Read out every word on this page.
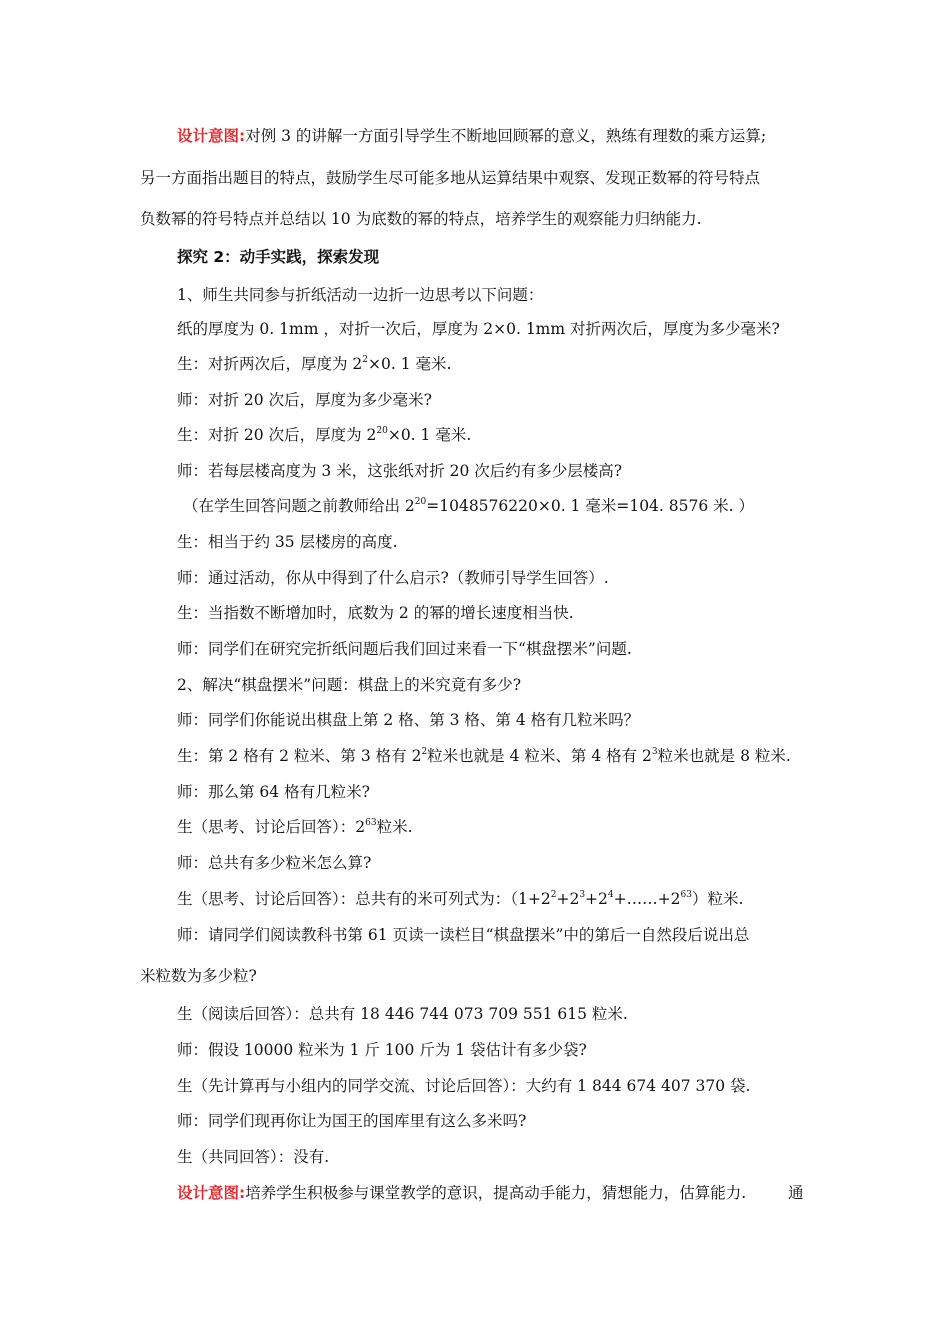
设计意图:对例 3 的讲解一方面引导学生不断地回顾幂的意义，熟练有理数的乘方运算;
另一方面指出题目的特点，鼓励学生尽可能多地从运算结果中观察、发现正数幂的符号特点
负数幂的符号特点并总结以 10 为底数的幂的特点，培养学生的观察能力归纳能力.
探究 2：动手实践，探索发现
1、师生共同参与折纸活动一边折一边思考以下问题：
纸的厚度为 0. 1mm ，对折一次后，厚度为 2×0. 1mm 对折两次后，厚度为多少毫米?
生：对折两次后，厚度为 $2^2\times 0$. 1 毫米.
师：对折 20 次后，厚度为多少毫米?
生：对折 20 次后，厚度为 $2^{20}\times 0$. 1 毫米.
师：若每层楼高度为 3 米，这张纸对折 20 次后约有多少层楼高?
（在学生回答问题之前教师给出 $2^{20}=1048576220\times 0$. 1 毫米=104. 8576 米. ）
生：相当于约 35 层楼房的高度.
师：通过活动，你从中得到了什么启示?（教师引导学生回答）.
生：当指数不断增加时，底数为 2 的幂的增长速度相当快.
师：同学们在研究完折纸问题后我们回过来看一下“棋盘摆米”问题.
2、解决“棋盘摆米”问题：棋盘上的米究竟有多少?
师：同学们你能说出棋盘上第 2 格、第 3 格、第 4 格有几粒米吗？
生：第 2 格有 2 粒米、第 3 格有 $2^2$粒米也就是 4 粒米、第 4 格有 $2^3$粒米也就是 8 粒米.
师：那么第 64 格有几粒米?
生（思考、讨论后回答）：$2^{63}$粒米.
师：总共有多少粒米怎么算?
生（思考、讨论后回答）：总共有的米可列式为：$(1+2^2+2^3+2^4+\dots\dots+2^{63})$粒米.
师：请同学们阅读教科书第 61 页读一读栏目“棋盘摆米”中的第后一自然段后说出总
米粒数为多少粒?
生（阅读后回答）：总共有 18 446 744 073 709 551 615 粒米.
师：假设 10000 粒米为 1 斤 100 斤为 1 袋估计有多少袋?
生（先计算再与小组内的同学交流、讨论后回答）：大约有 1 844 674 407 370 袋.
师：同学们现再你让为国王的国库里有这么多米吗?
生（共同回答）：没有.
设计意图:培养学生积极参与课堂教学的意识，提高动手能力，猜想能力，估算能力.	通
